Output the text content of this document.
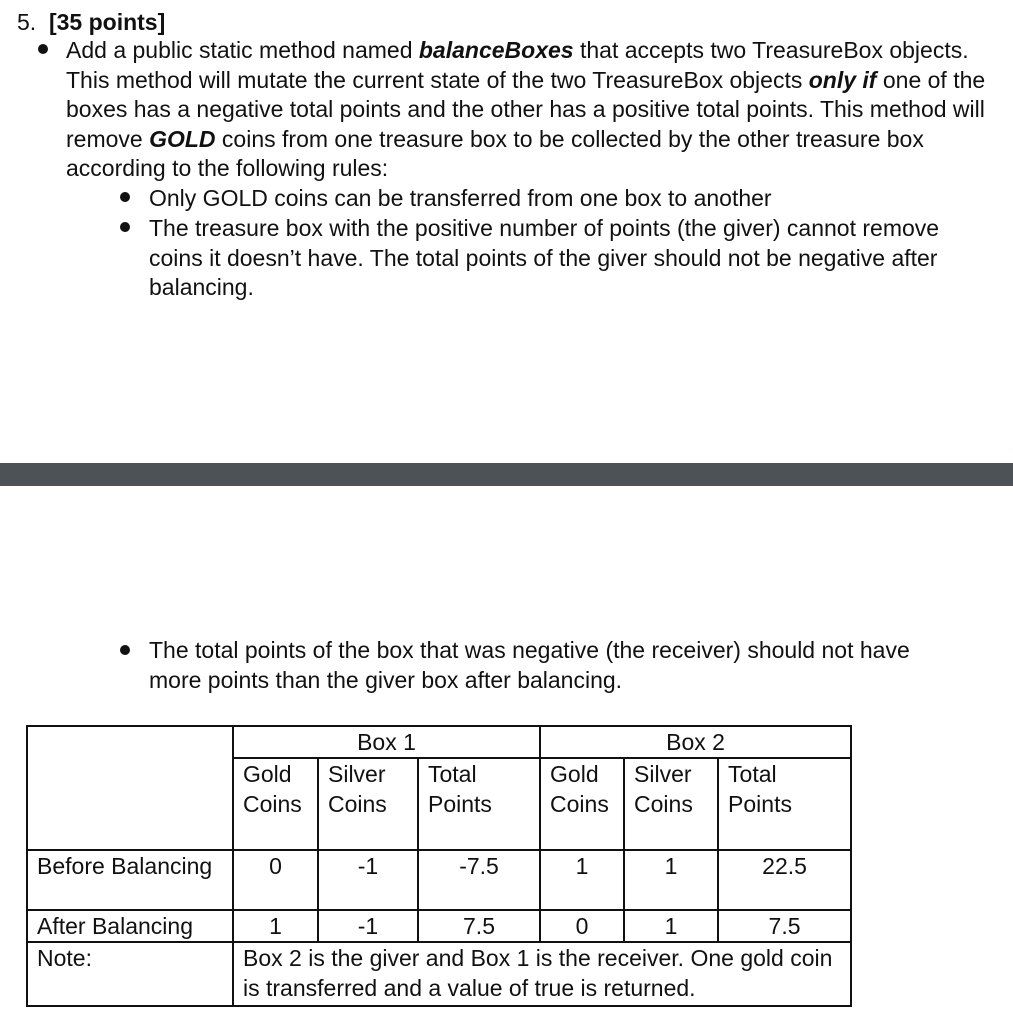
5. [35 points]
Add a public static method named balanceBoxes that accepts two TreasureBox objects. This method will mutate the current state of the two TreasureBox objects only if one of the boxes has a negative total points and the other has a positive total points. This method will remove GOLD coins from one treasure box to be collected by the other treasure box according to the following rules:
Only GOLD coins can be transferred from one box to another
The treasure box with the positive number of points (the giver) cannot remove coins it doesn’t have. The total points of the giver should not be negative after balancing.
The total points of the box that was negative (the receiver) should not have more points than the giver box after balancing.
	Box 1			Box 2		
	Gold Coins	Silver Coins	Total Points	Gold Coins	Silver Coins	Total Points
Before Balancing	0	-1	-7.5	1	1	22.5
After Balancing	1	-1	7.5	0	1	7.5
Note:	Box 2 is the giver and Box 1 is the receiver. One gold coin is transferred and a value of true is returned.					
